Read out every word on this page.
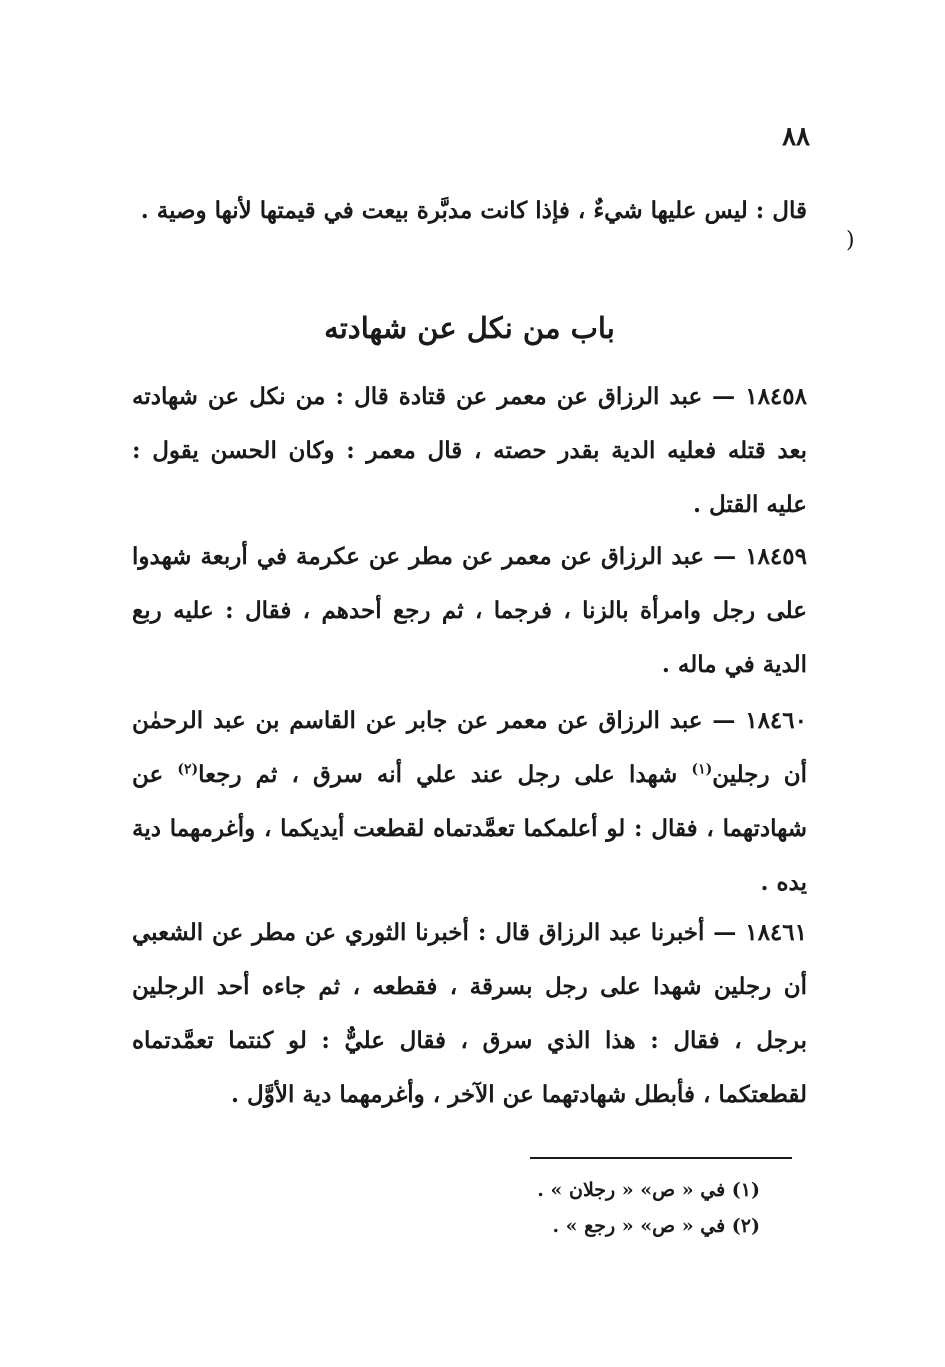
٨٨
قال : ليس عليها شيءٌ ، فإذا كانت مدبَّرة بيعت في قيمتها لأنها وصية .
)
باب من نكل عن شهادته
١٨٤٥٨ — عبد الرزاق عن معمر عن قتادة قال : من نكل عن شهادته بعد قتله فعليه الدية بقدر حصته ، قال معمر : وكان الحسن يقول : عليه القتل .
١٨٤٥٩ — عبد الرزاق عن معمر عن مطر عن عكرمة في أربعة شهدوا على رجل وامرأة بالزنا ، فرجما ، ثم رجع أحدهم ، فقال : عليه ربع الدية في ماله .
١٨٤٦٠ — عبد الرزاق عن معمر عن جابر عن القاسم بن عبد الرحمٰن أن رجلين$^{(١)}$ شهدا على رجل عند علي أنه سرق ، ثم رجعا$^{(٢)}$ عن شهادتهما ، فقال : لو أعلمكما تعمَّدتماه لقطعت أيديكما ، وأغرمهما دية يده .
١٨٤٦١ — أخبرنا عبد الرزاق قال : أخبرنا الثوري عن مطر عن الشعبي أن رجلين شهدا على رجل بسرقة ، فقطعه ، ثم جاءه أحد الرجلين برجل ، فقال : هذا الذي سرق ، فقال عليٌّ : لو كنتما تعمَّدتماه لقطعتكما ، فأبطل شهادتهما عن الآخر ، وأغرمهما دية الأوَّل .
(١) في « ص» « رجلان » .
(٢) في « ص» « رجع » .
